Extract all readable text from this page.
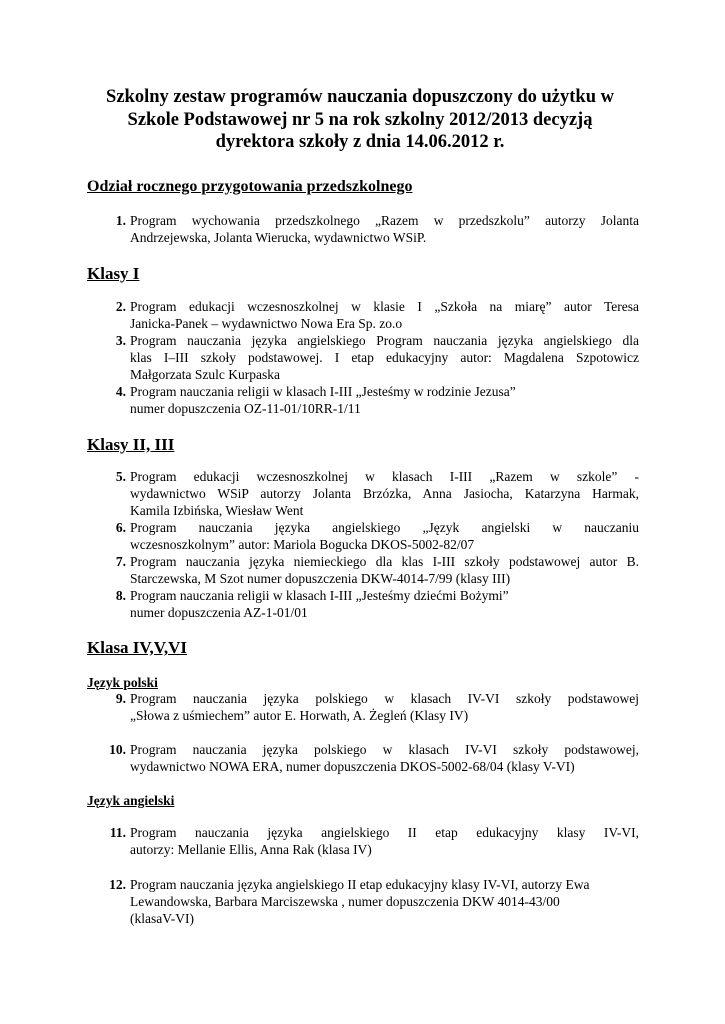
Szkolny zestaw programów nauczania dopuszczony do użytku w
Szkole Podstawowej nr 5 na rok szkolny 2012/2013 decyzją
dyrektora szkoły z dnia 14.06.2012 r.
Odział rocznego przygotowania przedszkolnego
1. Program wychowania przedszkolnego „Razem w przedszkolu” autorzy Jolanta
Andrzejewska, Jolanta Wierucka, wydawnictwo WSiP.
Klasy I
2. Program edukacji wczesnoszkolnej w klasie I „Szkoła na miarę” autor Teresa
Janicka-Panek – wydawnictwo Nowa Era Sp. zo.o
3. Program nauczania języka angielskiego Program nauczania języka angielskiego dla
klas I–III szkoły podstawowej. I etap edukacyjny autor: Magdalena Szpotowicz
Małgorzata Szulc Kurpaska
4. Program nauczania religii w klasach I-III „Jesteśmy w rodzinie Jezusa”
numer dopuszczenia OZ-11-01/10RR-1/11
Klasy II, III
5. Program edukacji wczesnoszkolnej w klasach I-III „Razem w szkole” -
wydawnictwo WSiP autorzy Jolanta Brzózka, Anna Jasiocha, Katarzyna Harmak,
Kamila Izbińska, Wiesław Went
6. Program nauczania języka angielskiego „Język angielski w nauczaniu
wczesnoszkolnym” autor: Mariola Bogucka DKOS-5002-82/07
7. Program nauczania języka niemieckiego dla klas I-III szkoły podstawowej autor B.
Starczewska, M Szot numer dopuszczenia DKW-4014-7/99 (klasy III)
8. Program nauczania religii w klasach I-III „Jesteśmy dziećmi Bożymi”
numer dopuszczenia AZ-1-01/01
Klasa IV,V,VI
Język polski
9. Program nauczania języka polskiego w klasach IV-VI szkoły podstawowej
„Słowa z uśmiechem” autor E. Horwath, A. Żegleń (Klasy IV)
10. Program nauczania języka polskiego w klasach IV-VI szkoły podstawowej,
wydawnictwo NOWA ERA, numer dopuszczenia DKOS-5002-68/04 (klasy V-VI)
Język angielski
11. Program nauczania języka angielskiego II etap edukacyjny klasy IV-VI,
autorzy: Mellanie Ellis, Anna Rak (klasa IV)
12. Program nauczania języka angielskiego II etap edukacyjny klasy IV-VI, autorzy Ewa
Lewandowska, Barbara Marciszewska , numer dopuszczenia DKW 4014-43/00
(klasaV-VI)
